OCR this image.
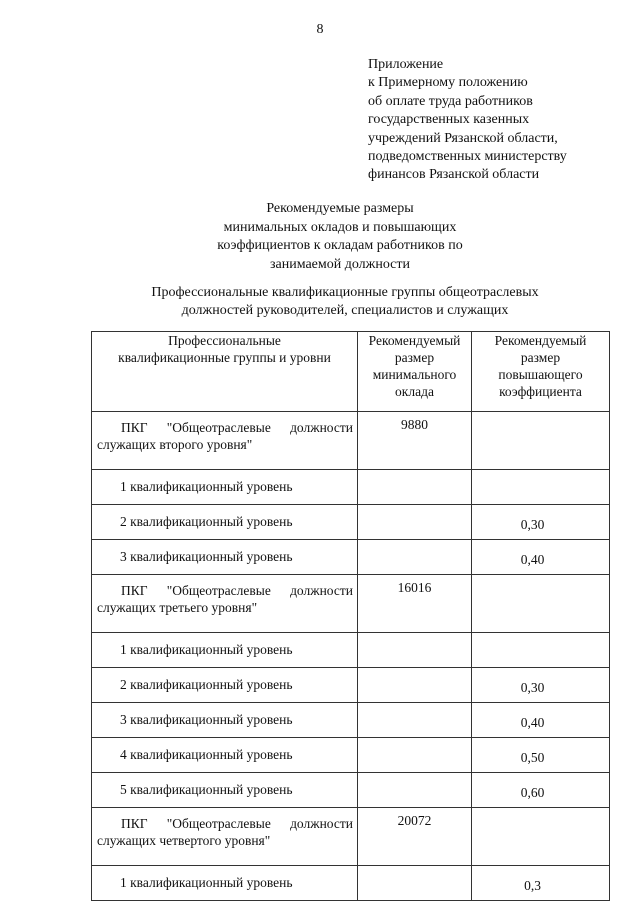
8
Приложение
к Примерному положению
об оплате труда работников
государственных казенных
учреждений Рязанской области,
подведомственных министерству
финансов Рязанской области
Рекомендуемые размеры
минимальных окладов и повышающих
коэффициентов к окладам работников по
занимаемой должности
Профессиональные квалификационные группы общеотраслевых
должностей руководителей, специалистов и служащих
Профессиональные
квалификационные группы и уровни	Рекомендуемый
размер
минимального
оклада	Рекомендуемый
размер
повышающего
коэффициента

ПКГ "Общеотраслевые должности
служащих второго уровня"	9880	
1 квалификационный уровень		
2 квалификационный уровень		0,30
3 квалификационный уровень		0,40

ПКГ "Общеотраслевые должности
служащих третьего уровня"	16016	
1 квалификационный уровень		
2 квалификационный уровень		0,30
3 квалификационный уровень		0,40
4 квалификационный уровень		0,50
5 квалификационный уровень		0,60

ПКГ "Общеотраслевые должности
служащих четвертого уровня"	20072	
1 квалификационный уровень		0,3
